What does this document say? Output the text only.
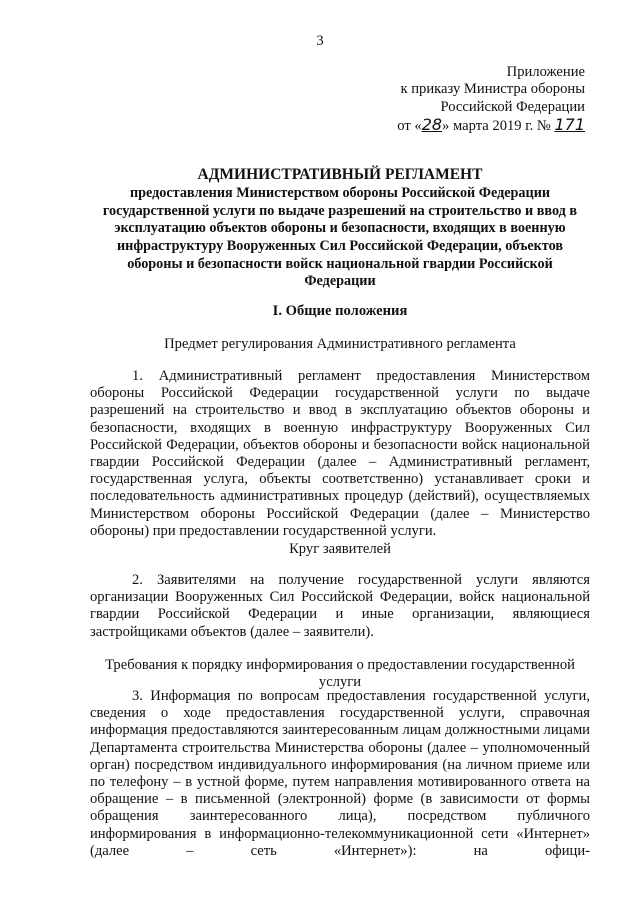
3
Приложение
к приказу Министра обороны
Российской Федерации
от «28» марта 2019 г. № 171
АДМИНИСТРАТИВНЫЙ РЕГЛАМЕНТ
предоставления Министерством обороны Российской Федерации государственной услуги по выдаче разрешений на строительство и ввод в эксплуатацию объектов обороны и безопасности, входящих в военную инфраструктуру Вооруженных Сил Российской Федерации, объектов обороны и безопасности войск национальной гвардии Российской Федерации
I. Общие положения
Предмет регулирования Административного регламента
1. Административный регламент предоставления Министерством обороны Российской Федерации государственной услуги по выдаче разрешений на строительство и ввод в эксплуатацию объектов обороны и безопасности, входящих в военную инфраструктуру Вооруженных Сил Российской Федерации, объектов обороны и безопасности войск национальной гвардии Российской Федерации (далее – Административный регламент, государственная услуга, объекты соответственно) устанавливает сроки и последовательность административных процедур (действий), осуществляемых Министерством обороны Российской Федерации (далее – Министерство обороны) при предоставлении государственной услуги.
Круг заявителей
2. Заявителями на получение государственной услуги являются организации Вооруженных Сил Российской Федерации, войск национальной гвардии Российской Федерации и иные организации, являющиеся застройщиками объектов (далее – заявители).
Требования к порядку информирования о предоставлении государственной услуги
3. Информация по вопросам предоставления государственной услуги, сведения о ходе предоставления государственной услуги, справочная информация предоставляются заинтересованным лицам должностными лицами Департамента строительства Министерства обороны (далее – уполномоченный орган) посредством индивидуального информирования (на личном приеме или по телефону – в устной форме, путем направления мотивированного ответа на обращение – в письменной (электронной) форме (в зависимости от формы обращения заинтересованного лица), посредством публичного информирования в информационно-телекоммуникационной сети «Интернет» (далее – сеть «Интернет»): на офици-
